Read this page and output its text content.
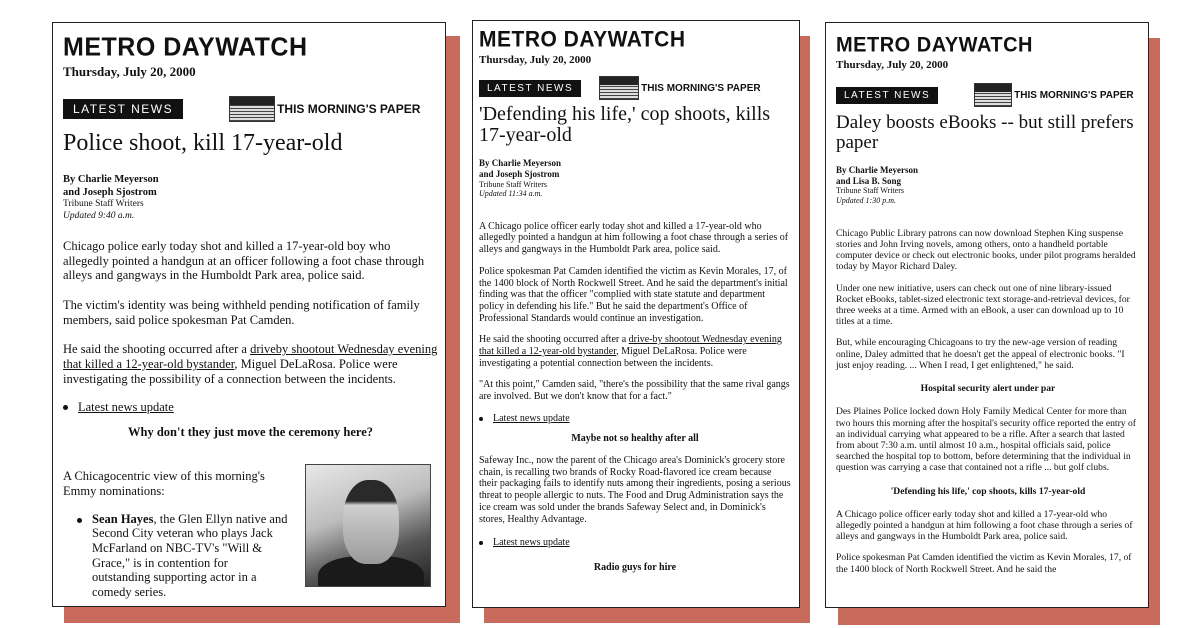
METRO DAYWATCH
Thursday, July 20, 2000
LATEST NEWS	THIS MORNING'S PAPER
Police shoot, kill 17-year-old
By Charlie Meyerson
and Joseph Sjostrom
Tribune Staff Writers
Updated 9:40 a.m.

Chicago police early today shot and killed a 17-year-old boy who allegedly pointed a handgun at an officer following a foot chase through alleys and gangways in the Humboldt Park area, police said.

The victim's identity was being withheld pending notification of family members, said police spokesman Pat Camden.

He said the shooting occurred after a driveby shootout Wednesday evening that killed a 12-year-old bystander, Miguel DeLaRosa. Police were investigating the possibility of a connection between the incidents.

Latest news update
Why don't they just move the ceremony here?

A Chicagocentric view of this morning's Emmy nominations:

Sean Hayes, the Glen Ellyn native and Second City veteran who plays Jack McFarland on NBC-TV's "Will & Grace," is in contention for outstanding supporting actor in a comedy series.
METRO DAYWATCH
Thursday, July 20, 2000
LATEST NEWS	THIS MORNING'S PAPER
'Defending his life,' cop shoots, kills 17-year-old
By Charlie Meyerson
and Joseph Sjostrom
Tribune Staff Writers
Updated 11:34 a.m.

A Chicago police officer early today shot and killed a 17-year-old who allegedly pointed a handgun at him following a foot chase through a series of alleys and gangways in the Humboldt Park area, police said.

Police spokesman Pat Camden identified the victim as Kevin Morales, 17, of the 1400 block of North Rockwell Street. And he said the department's initial finding was that the officer "complied with state statute and department policy in defending his life." But he said the department's Office of Professional Standards would continue an investigation.

He said the shooting occurred after a drive-by shootout Wednesday evening that killed a 12-year-old bystander, Miguel DeLaRosa. Police were investigating a potential connection between the incidents.

"At this point," Camden said, "there's the possibility that the same rival gangs are involved. But we don't know that for a fact."

Latest news update
Maybe not so healthy after all

Safeway Inc., now the parent of the Chicago area's Dominick's grocery store chain, is recalling two brands of Rocky Road-flavored ice cream because their packaging fails to identify nuts among their ingredients, posing a serious threat to people allergic to nuts. The Food and Drug Administration says the ice cream was sold under the brands Safeway Select and, in Dominick's stores, Healthy Advantage.

Latest news update
Radio guys for hire
METRO DAYWATCH
Thursday, July 20, 2000
LATEST NEWS	THIS MORNING'S PAPER
Daley boosts eBooks -- but still prefers paper
By Charlie Meyerson
and Lisa B. Song
Tribune Staff Writers
Updated 1:30 p.m.

Chicago Public Library patrons can now download Stephen King suspense stories and John Irving novels, among others, onto a handheld portable computer device or check out electronic books, under pilot programs heralded today by Mayor Richard Daley.

Under one new initiative, users can check out one of nine library-issued Rocket eBooks, tablet-sized electronic text storage-and-retrieval devices, for three weeks at a time. Armed with an eBook, a user can download up to 10 titles at a time.

But, while encouraging Chicagoans to try the new-age version of reading online, Daley admitted that he doesn't get the appeal of electronic books. "I just enjoy reading. ... When I read, I get enlightened," he said.

Hospital security alert under par

Des Plaines Police locked down Holy Family Medical Center for more than two hours this morning after the hospital's security office reported the entry of an individual carrying what appeared to be a rifle. After a search that lasted from about 7:30 a.m. until almost 10 a.m., hospital officials said, police searched the hospital top to bottom, before determining that the individual in question was carrying a case that contained not a rifle ... but golf clubs.

'Defending his life,' cop shoots, kills 17-year-old

A Chicago police officer early today shot and killed a 17-year-old who allegedly pointed a handgun at him following a foot chase through a series of alleys and gangways in the Humboldt Park area, police said.

Police spokesman Pat Camden identified the victim as Kevin Morales, 17, of the 1400 block of North Rockwell Street. And he said the
